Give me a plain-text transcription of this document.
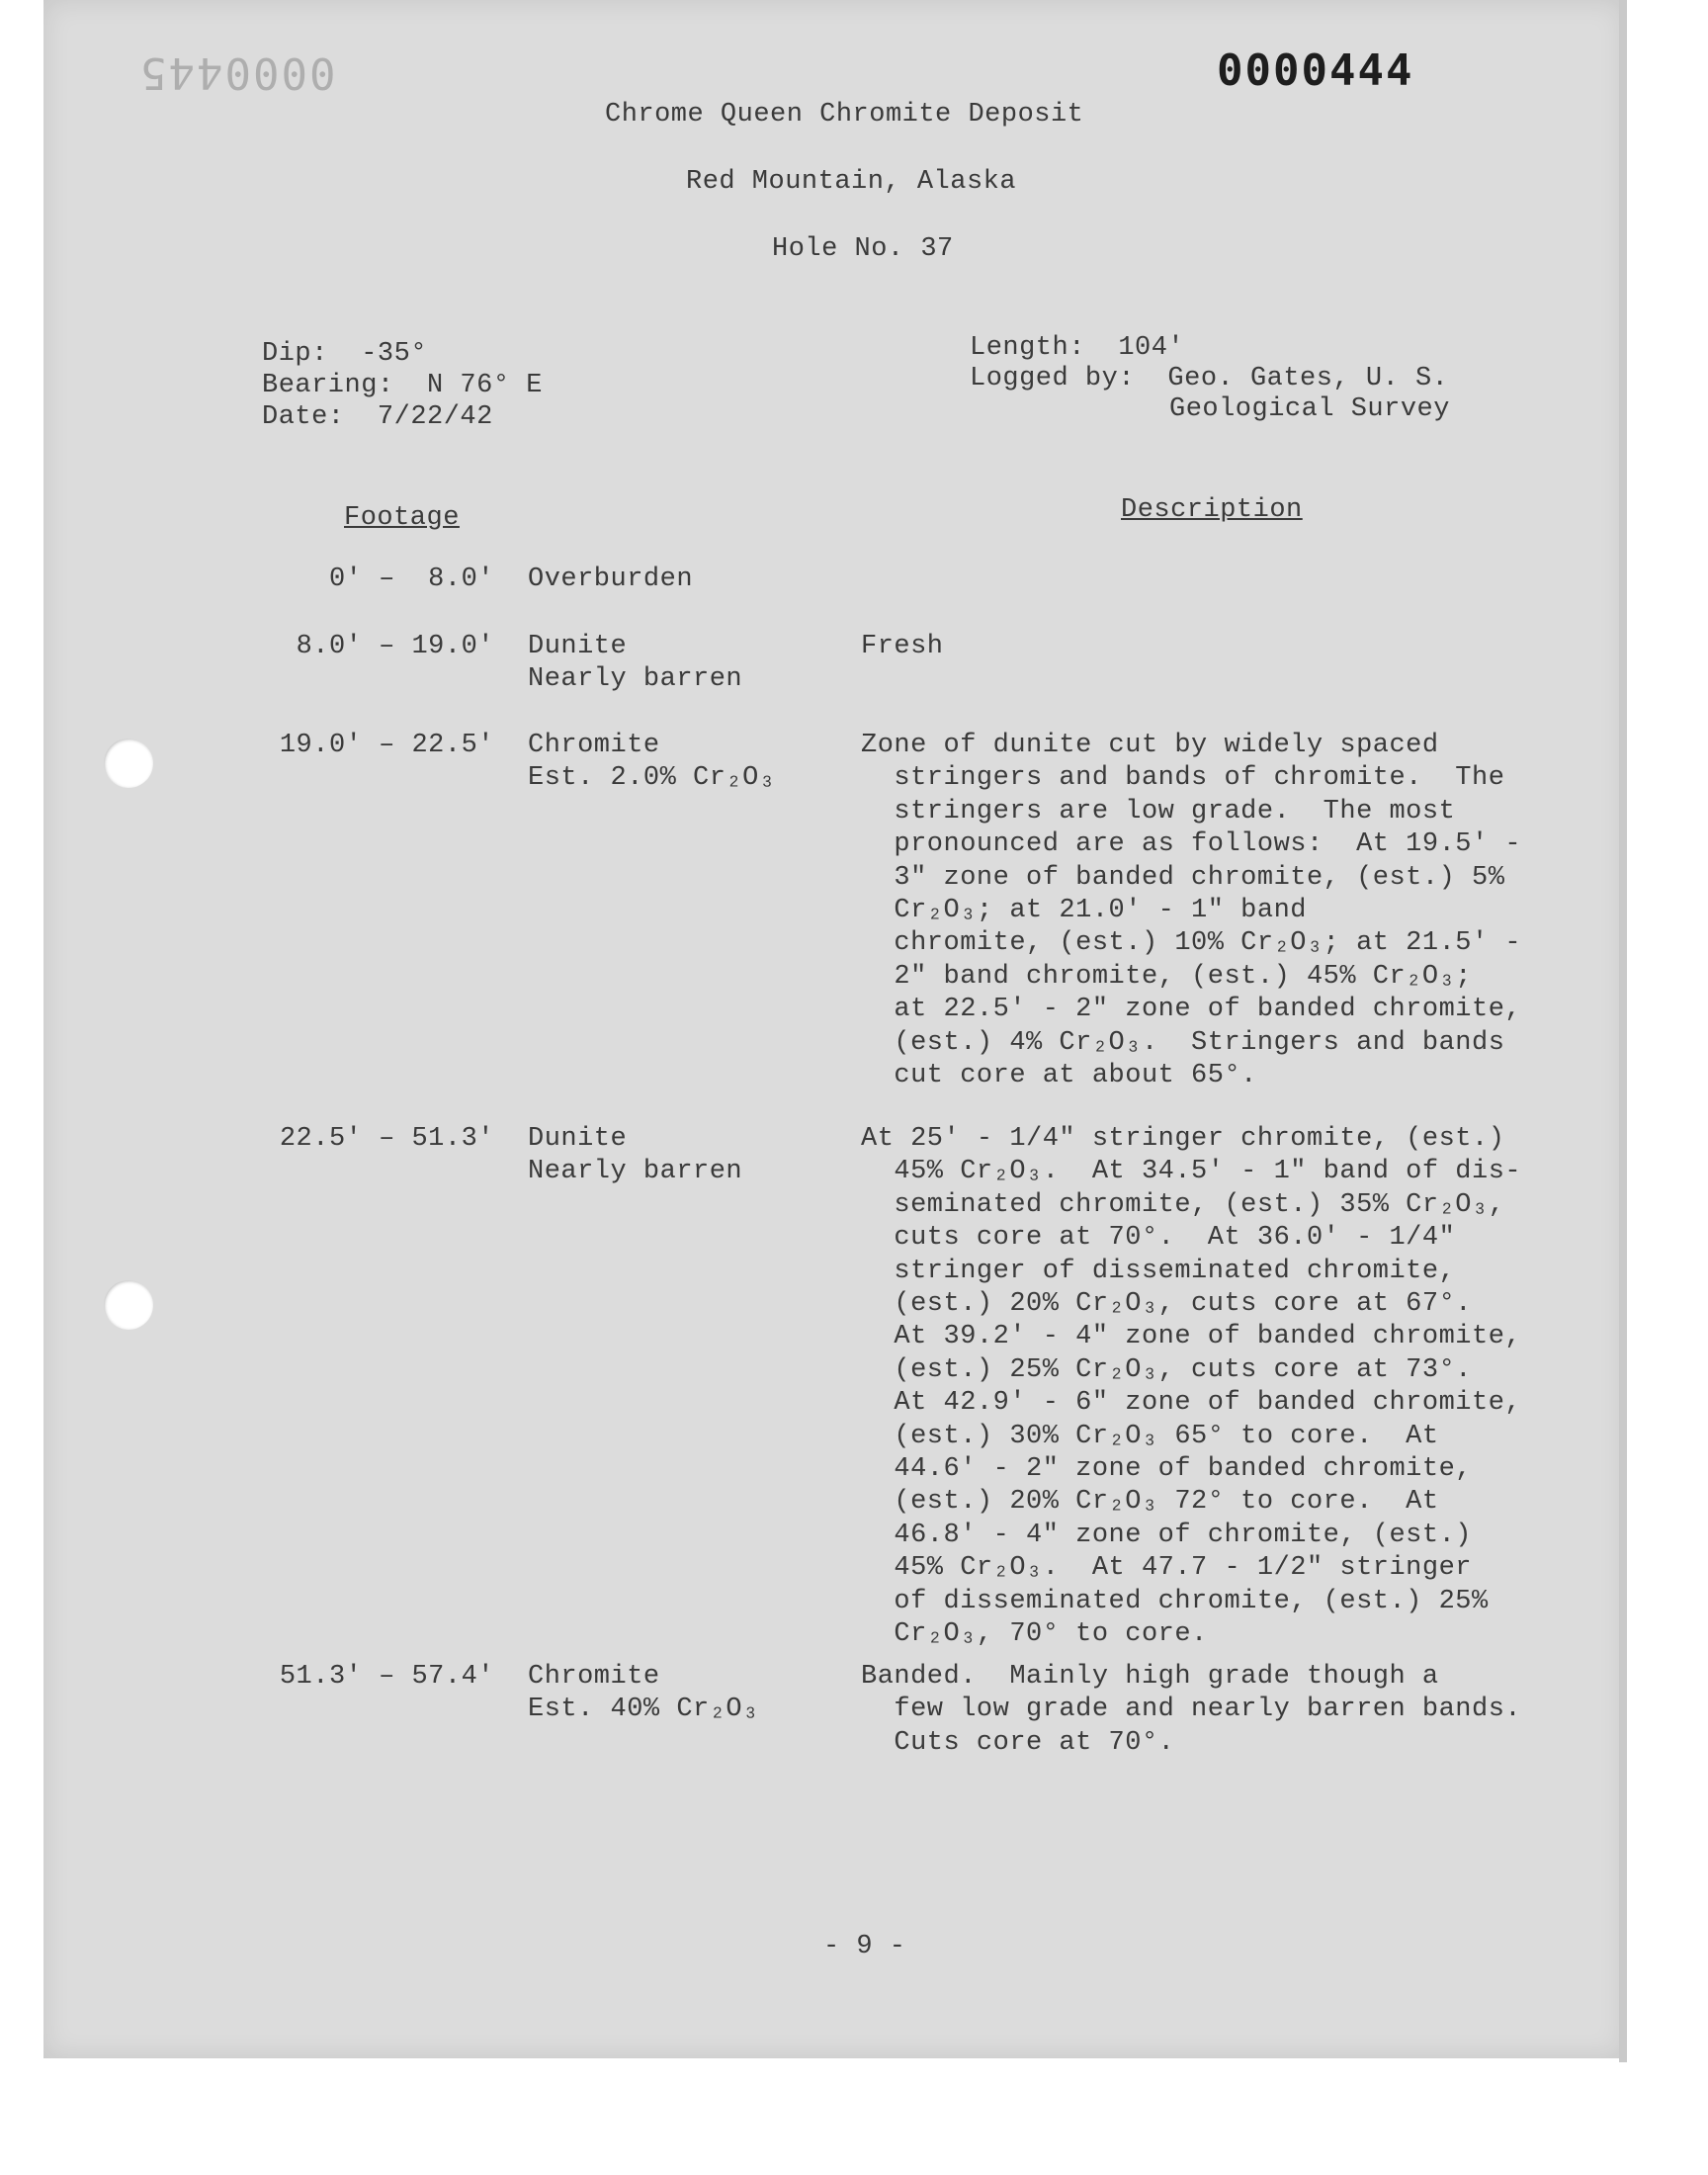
0000445	0000444
Chrome Queen Chromite Deposit
Red Mountain, Alaska
Hole No. 37
Dip:  -35°
Bearing:  N 76° E
Date:  7/22/42
Length:  104'
Logged by:  Geo. Gates, U. S.
Geological Survey
Footage	Description
0' –  8.0' Overburden
8.0' – 19.0' Dunite
Nearly barren
Fresh
19.0' – 22.5' Chromite
Est. 2.0% Cr₂O₃
Zone of dunite cut by widely spaced
stringers and bands of chromite.  The
stringers are low grade.  The most
pronounced are as follows:  At 19.5' -
3" zone of banded chromite, (est.) 5%
Cr₂O₃; at 21.0' - 1" band
chromite, (est.) 10% Cr₂O₃; at 21.5' -
2" band chromite, (est.) 45% Cr₂O₃;
at 22.5' - 2" zone of banded chromite,
(est.) 4% Cr₂O₃.  Stringers and bands
cut core at about 65°.
22.5' – 51.3' Dunite
Nearly barren
At 25' - 1/4" stringer chromite, (est.)
45% Cr₂O₃.  At 34.5' - 1" band of dis-
seminated chromite, (est.) 35% Cr₂O₃,
cuts core at 70°.  At 36.0' - 1/4"
stringer of disseminated chromite,
(est.) 20% Cr₂O₃, cuts core at 67°.
At 39.2' - 4" zone of banded chromite,
(est.) 25% Cr₂O₃, cuts core at 73°.
At 42.9' - 6" zone of banded chromite,
(est.) 30% Cr₂O₃ 65° to core.  At
44.6' - 2" zone of banded chromite,
(est.) 20% Cr₂O₃ 72° to core.  At
46.8' - 4" zone of chromite, (est.)
45% Cr₂O₃.  At 47.7 - 1/2" stringer
of disseminated chromite, (est.) 25%
Cr₂O₃, 70° to core.
51.3' – 57.4' Chromite
Est. 40% Cr₂O₃
Banded.  Mainly high grade though a
few low grade and nearly barren bands.
Cuts core at 70°.
- 9 -
